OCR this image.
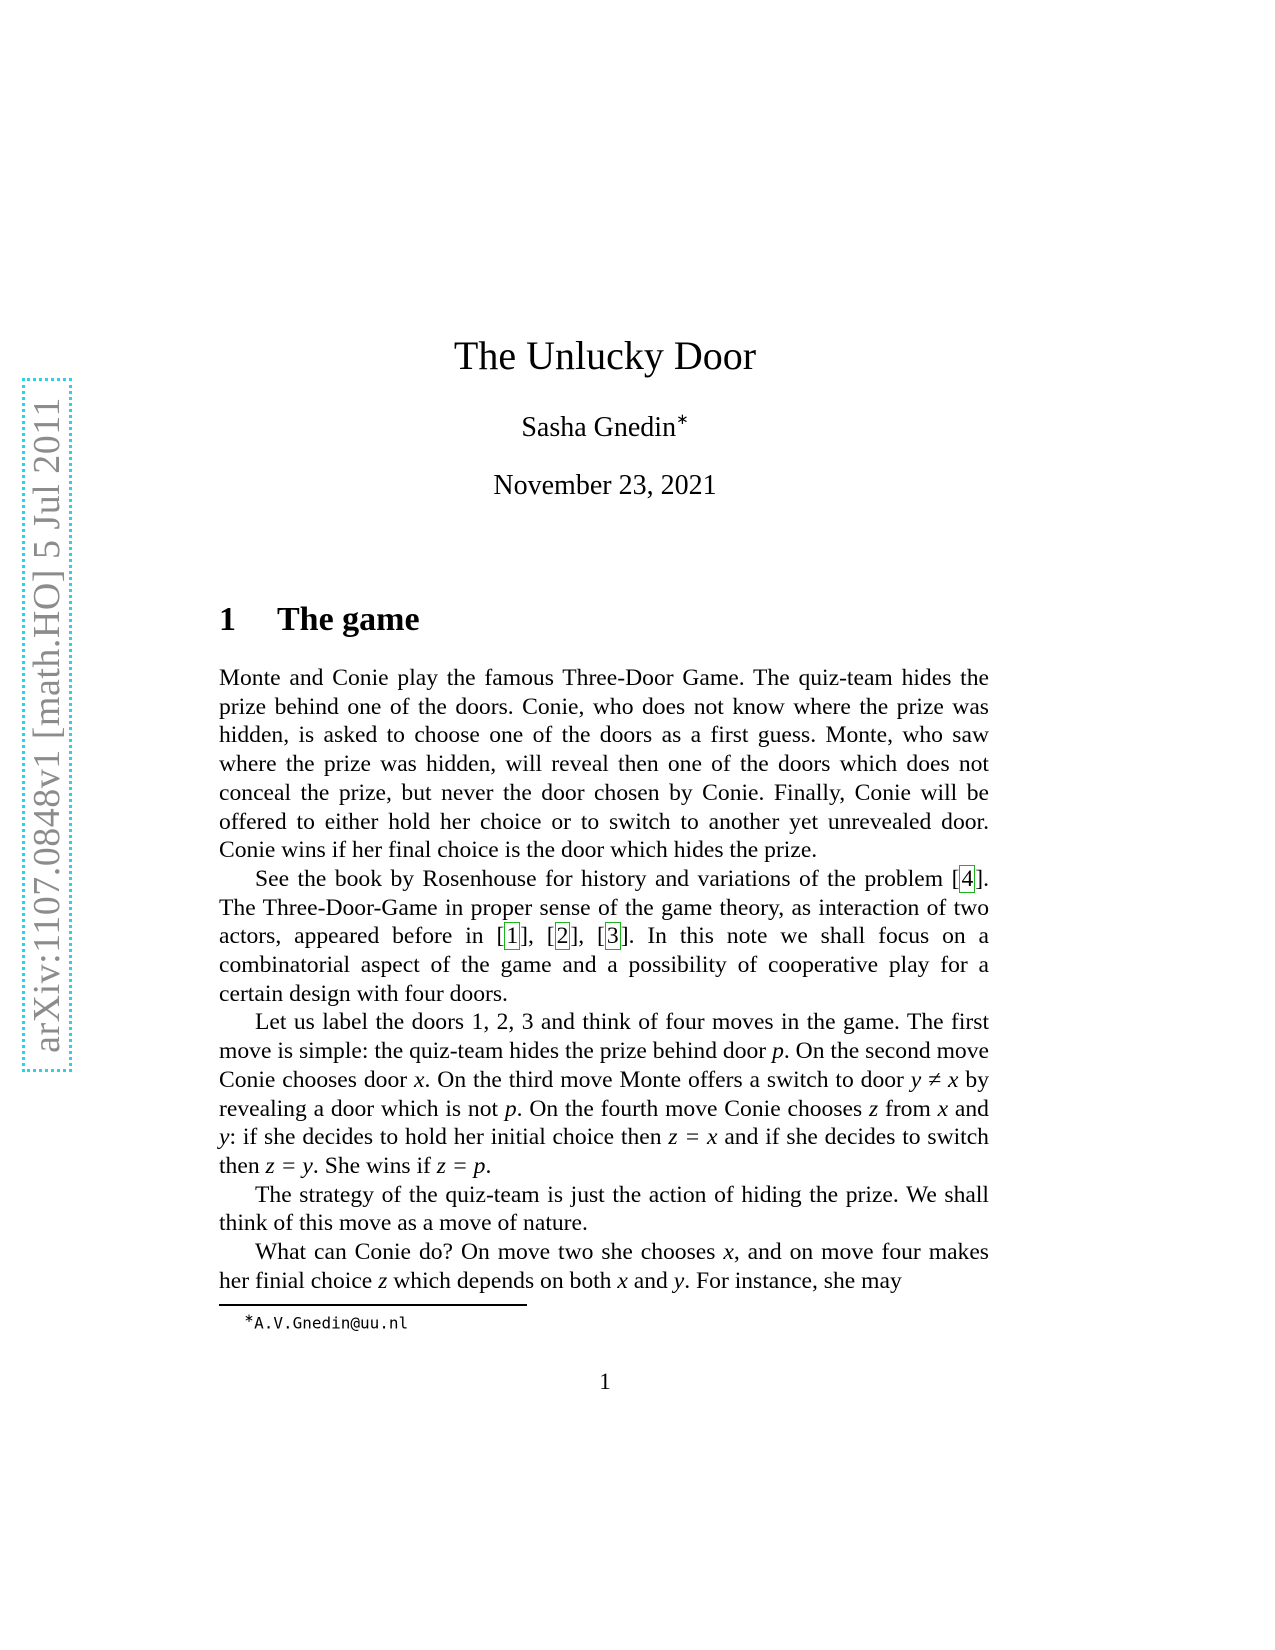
arXiv:1107.0848v1 [math.HO] 5 Jul 2011
The Unlucky Door
Sasha Gnedin∗
November 23, 2021
1 The game

Monte and Conie play the famous Three-Door Game. The quiz-team hides the prize behind one of the doors. Conie, who does not know where the prize was hidden, is asked to choose one of the doors as a first guess. Monte, who saw where the prize was hidden, will reveal then one of the doors which does not conceal the prize, but never the door chosen by Conie. Finally, Conie will be offered to either hold her choice or to switch to another yet unrevealed door. Conie wins if her final choice is the door which hides the prize.

See the book by Rosenhouse for history and variations of the problem [4]. The Three-Door-Game in proper sense of the game theory, as interaction of two actors, appeared before in [1], [2], [3]. In this note we shall focus on a combinatorial aspect of the game and a possibility of cooperative play for a certain design with four doors.

Let us label the doors 1, 2, 3 and think of four moves in the game. The first move is simple: the quiz-team hides the prize behind door p. On the second move Conie chooses door x. On the third move Monte offers a switch to door y ≠ x by revealing a door which is not p. On the fourth move Conie chooses z from x and y: if she decides to hold her initial choice then z = x and if she decides to switch then z = y. She wins if z = p.

The strategy of the quiz-team is just the action of hiding the prize. We shall think of this move as a move of nature.

What can Conie do? On move two she chooses x, and on move four makes her finial choice z which depends on both x and y. For instance, she may

∗A.V.Gnedin@uu.nl
1
